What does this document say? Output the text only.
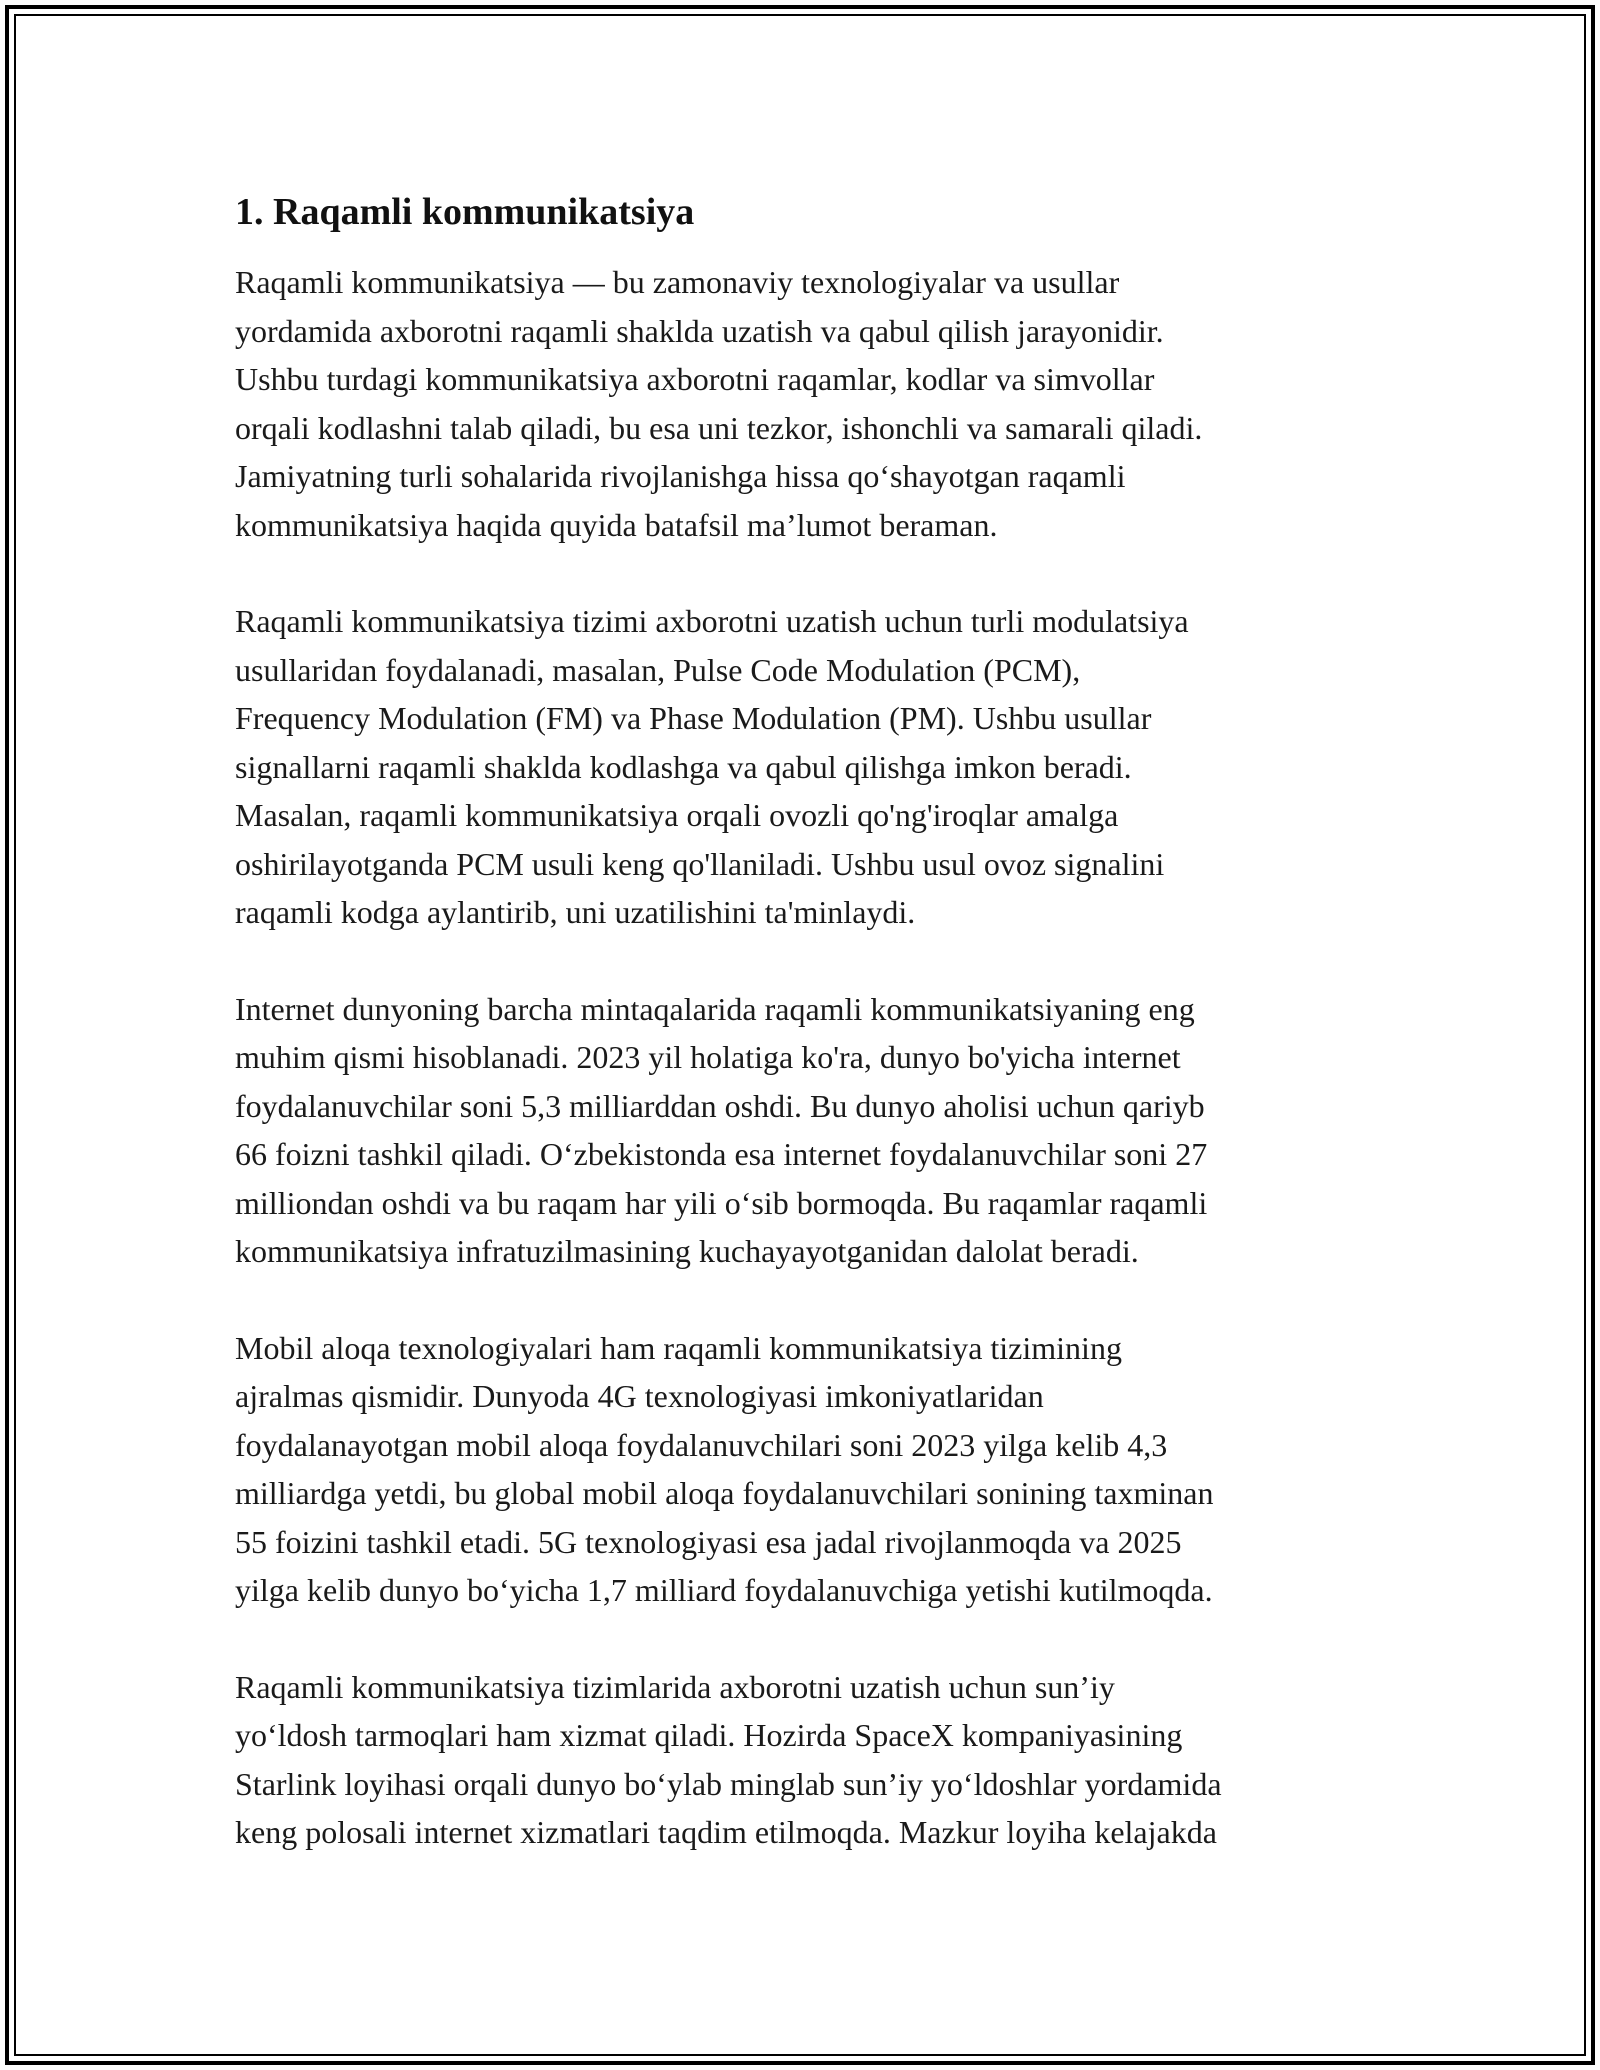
1. Raqamli kommunikatsiya

Raqamli kommunikatsiya — bu zamonaviy texnologiyalar va usullar
yordamida axborotni raqamli shaklda uzatish va qabul qilish jarayonidir.
Ushbu turdagi kommunikatsiya axborotni raqamlar, kodlar va simvollar
orqali kodlashni talab qiladi, bu esa uni tezkor, ishonchli va samarali qiladi.
Jamiyatning turli sohalarida rivojlanishga hissa qo‘shayotgan raqamli
kommunikatsiya haqida quyida batafsil ma’lumot beraman.

Raqamli kommunikatsiya tizimi axborotni uzatish uchun turli modulatsiya
usullaridan foydalanadi, masalan, Pulse Code Modulation (PCM),
Frequency Modulation (FM) va Phase Modulation (PM). Ushbu usullar
signallarni raqamli shaklda kodlashga va qabul qilishga imkon beradi.
Masalan, raqamli kommunikatsiya orqali ovozli qo'ng'iroqlar amalga
oshirilayotganda PCM usuli keng qo'llaniladi. Ushbu usul ovoz signalini
raqamli kodga aylantirib, uni uzatilishini ta'minlaydi.

Internet dunyoning barcha mintaqalarida raqamli kommunikatsiyaning eng
muhim qismi hisoblanadi. 2023 yil holatiga ko'ra, dunyo bo'yicha internet
foydalanuvchilar soni 5,3 milliarddan oshdi. Bu dunyo aholisi uchun qariyb
66 foizni tashkil qiladi. O‘zbekistonda esa internet foydalanuvchilar soni 27
milliondan oshdi va bu raqam har yili o‘sib bormoqda. Bu raqamlar raqamli
kommunikatsiya infratuzilmasining kuchayayotganidan dalolat beradi.

Mobil aloqa texnologiyalari ham raqamli kommunikatsiya tizimining
ajralmas qismidir. Dunyoda 4G texnologiyasi imkoniyatlaridan
foydalanayotgan mobil aloqa foydalanuvchilari soni 2023 yilga kelib 4,3
milliardga yetdi, bu global mobil aloqa foydalanuvchilari sonining taxminan
55 foizini tashkil etadi. 5G texnologiyasi esa jadal rivojlanmoqda va 2025
yilga kelib dunyo bo‘yicha 1,7 milliard foydalanuvchiga yetishi kutilmoqda.

Raqamli kommunikatsiya tizimlarida axborotni uzatish uchun sun’iy
yo‘ldosh tarmoqlari ham xizmat qiladi. Hozirda SpaceX kompaniyasining
Starlink loyihasi orqali dunyo bo‘ylab minglab sun’iy yo‘ldoshlar yordamida
keng polosali internet xizmatlari taqdim etilmoqda. Mazkur loyiha kelajakda
